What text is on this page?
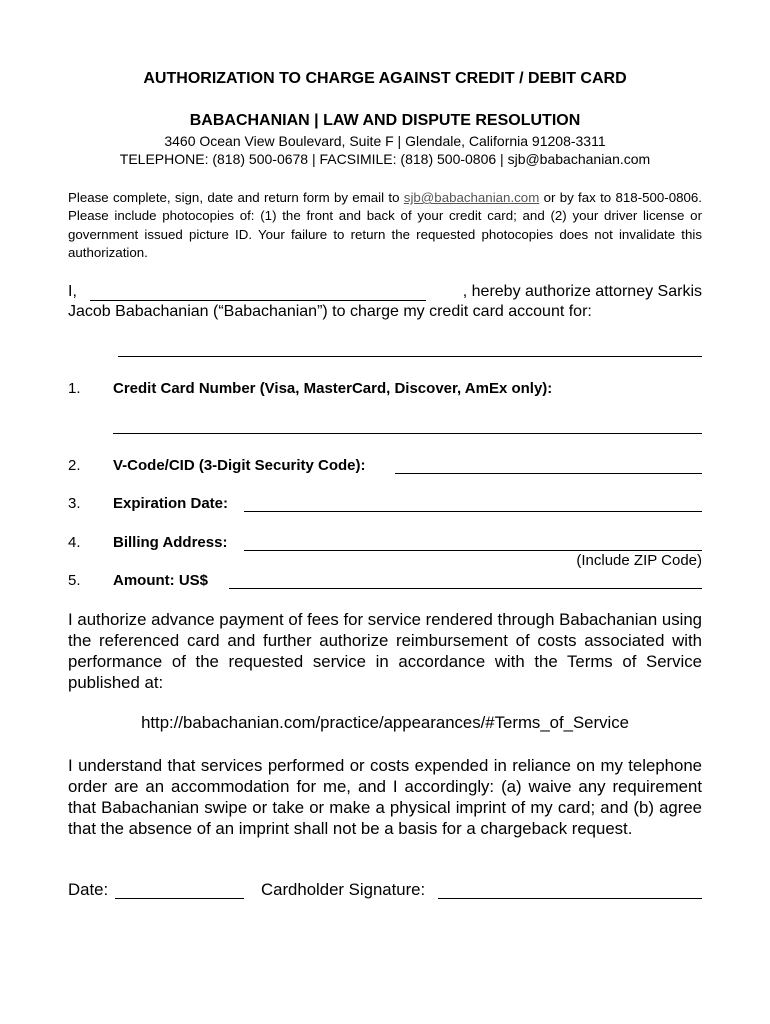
AUTHORIZATION TO CHARGE AGAINST CREDIT / DEBIT CARD
BABACHANIAN | LAW AND DISPUTE RESOLUTION
3460 Ocean View Boulevard, Suite F | Glendale, California 91208-3311
TELEPHONE: (818) 500-0678 | FACSIMILE: (818) 500-0806 | sjb@babachanian.com
Please complete, sign, date and return form by email to sjb@babachanian.com or by fax to 818-500-0806. Please include photocopies of: (1) the front and back of your credit card; and (2) your driver license or government issued picture ID. Your failure to return the requested photocopies does not invalidate this authorization.
I,	, hereby authorize attorney Sarkis
Jacob Babachanian (“Babachanian”) to charge my credit card account for:
1. Credit Card Number (Visa, MasterCard, Discover, AmEx only):
2. V-Code/CID (3-Digit Security Code):
3. Expiration Date:
4. Billing Address:
(Include ZIP Code)
5. Amount: US$
I authorize advance payment of fees for service rendered through Babachanian using the referenced card and further authorize reimbursement of costs associated with performance of the requested service in accordance with the Terms of Service published at:
http://babachanian.com/practice/appearances/#Terms_of_Service
I understand that services performed or costs expended in reliance on my telephone order are an accommodation for me, and I accordingly: (a) waive any requirement that Babachanian swipe or take or make a physical imprint of my card; and (b) agree that the absence of an imprint shall not be a basis for a chargeback request.
Date:	Cardholder Signature:
